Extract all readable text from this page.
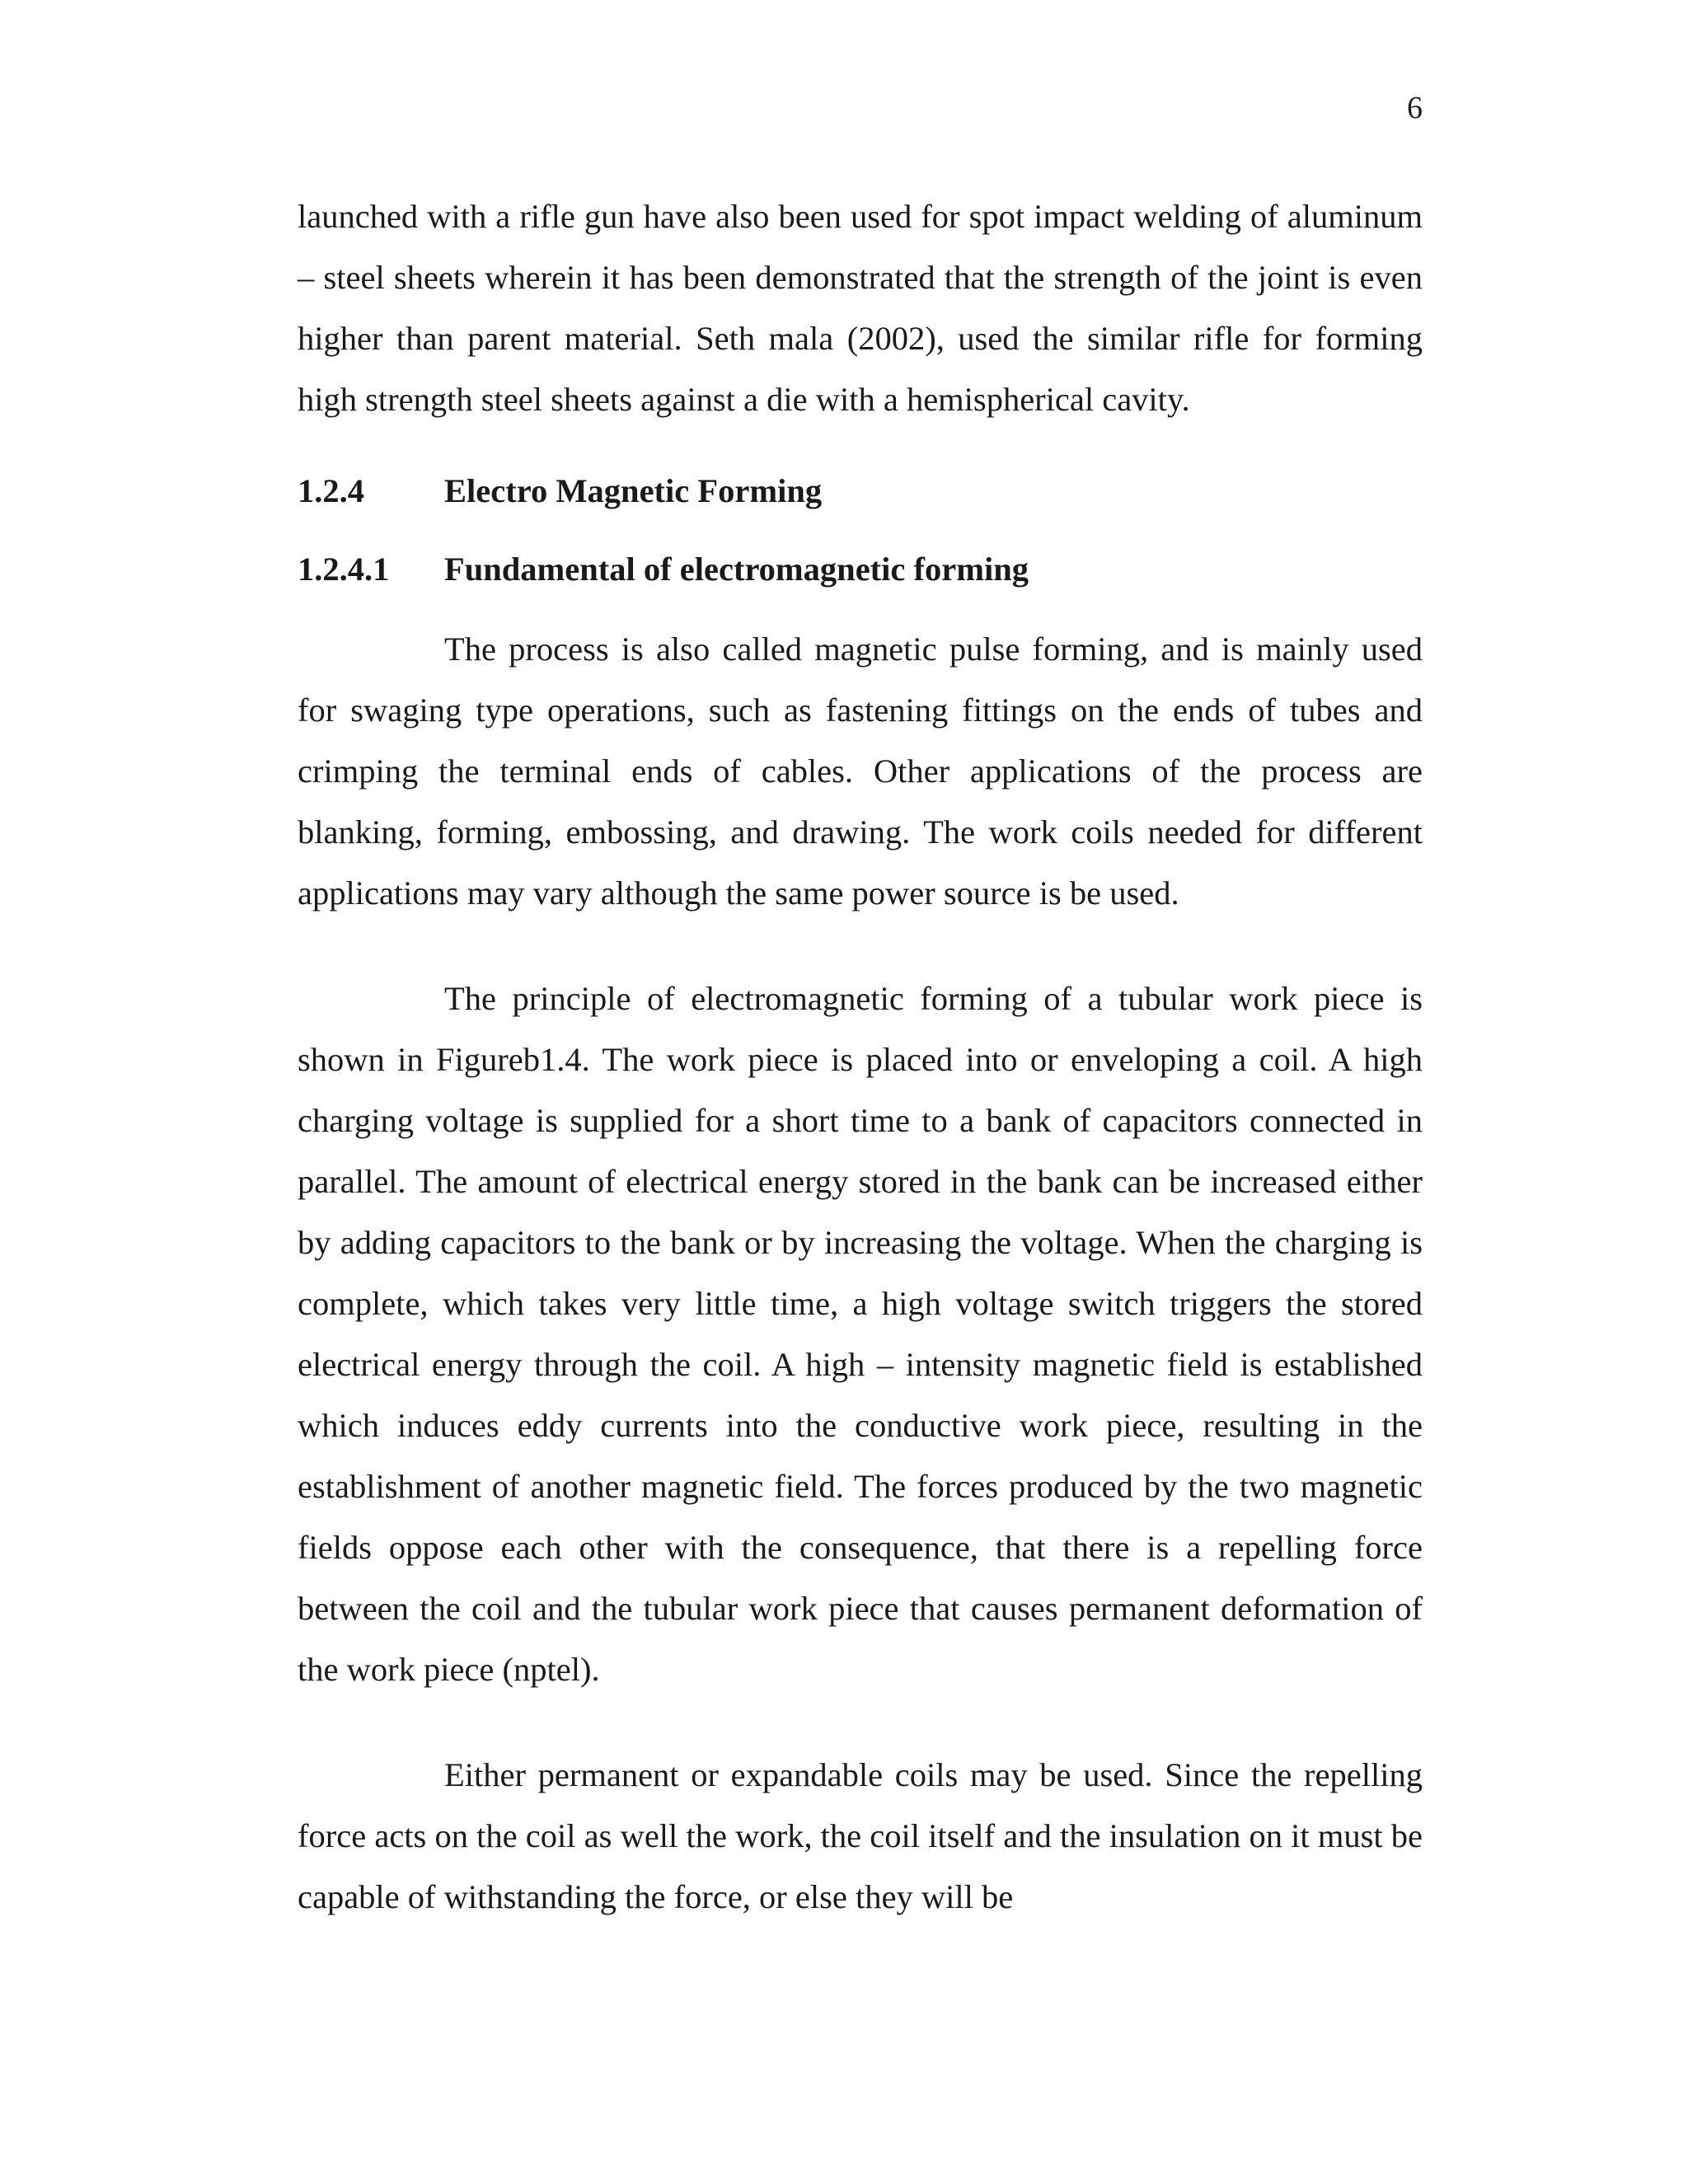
6

launched with a rifle gun have also been used for spot impact welding of aluminum – steel sheets wherein it has been demonstrated that the strength of the joint is even higher than parent material. Seth mala (2002), used the similar rifle for forming high strength steel sheets against a die with a hemispherical cavity.

1.2.4	Electro Magnetic Forming
1.2.4.1	Fundamental of electromagnetic forming

The process is also called magnetic pulse forming, and is mainly used for swaging type operations, such as fastening fittings on the ends of tubes and crimping the terminal ends of cables. Other applications of the process are blanking, forming, embossing, and drawing. The work coils needed for different applications may vary although the same power source is be used.

The principle of electromagnetic forming of a tubular work piece is shown in Figureb1.4. The work piece is placed into or enveloping a coil. A high charging voltage is supplied for a short time to a bank of capacitors connected in parallel. The amount of electrical energy stored in the bank can be increased either by adding capacitors to the bank or by increasing the voltage. When the charging is complete, which takes very little time, a high voltage switch triggers the stored electrical energy through the coil. A high – intensity magnetic field is established which induces eddy currents into the conductive work piece, resulting in the establishment of another magnetic field. The forces produced by the two magnetic fields oppose each other with the consequence, that there is a repelling force between the coil and the tubular work piece that causes permanent deformation of the work piece (nptel).

Either permanent or expandable coils may be used. Since the repelling force acts on the coil as well the work, the coil itself and the insulation on it must be capable of withstanding the force, or else they will be
